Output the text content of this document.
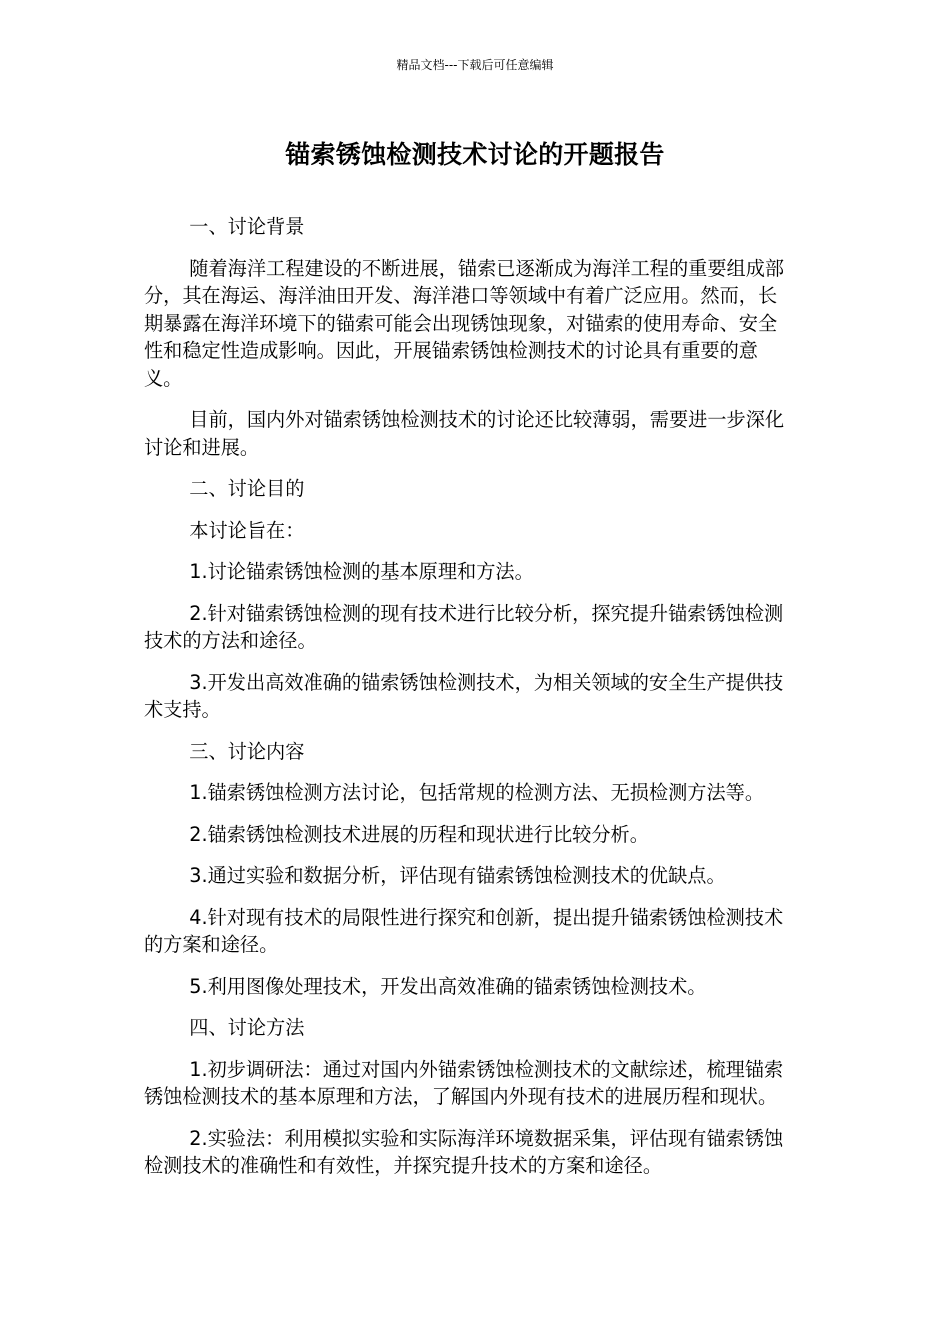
精品文档---下载后可任意编辑
锚索锈蚀检测技术讨论的开题报告

一、讨论背景

随着海洋工程建设的不断进展，锚索已逐渐成为海洋工程的重要组成部分，其在海运、海洋油田开发、海洋港口等领域中有着广泛应用。然而，长期暴露在海洋环境下的锚索可能会出现锈蚀现象，对锚索的使用寿命、安全性和稳定性造成影响。因此，开展锚索锈蚀检测技术的讨论具有重要的意义。

目前，国内外对锚索锈蚀检测技术的讨论还比较薄弱，需要进一步深化讨论和进展。

二、讨论目的

本讨论旨在：

1.讨论锚索锈蚀检测的基本原理和方法。

2.针对锚索锈蚀检测的现有技术进行比较分析，探究提升锚索锈蚀检测技术的方法和途径。

3.开发出高效准确的锚索锈蚀检测技术，为相关领域的安全生产提供技术支持。

三、讨论内容

1.锚索锈蚀检测方法讨论，包括常规的检测方法、无损检测方法等。

2.锚索锈蚀检测技术进展的历程和现状进行比较分析。

3.通过实验和数据分析，评估现有锚索锈蚀检测技术的优缺点。

4.针对现有技术的局限性进行探究和创新，提出提升锚索锈蚀检测技术的方案和途径。

5.利用图像处理技术，开发出高效准确的锚索锈蚀检测技术。

四、讨论方法

1.初步调研法：通过对国内外锚索锈蚀检测技术的文献综述，梳理锚索锈蚀检测技术的基本原理和方法，了解国内外现有技术的进展历程和现状。

2.实验法：利用模拟实验和实际海洋环境数据采集，评估现有锚索锈蚀检测技术的准确性和有效性，并探究提升技术的方案和途径。
